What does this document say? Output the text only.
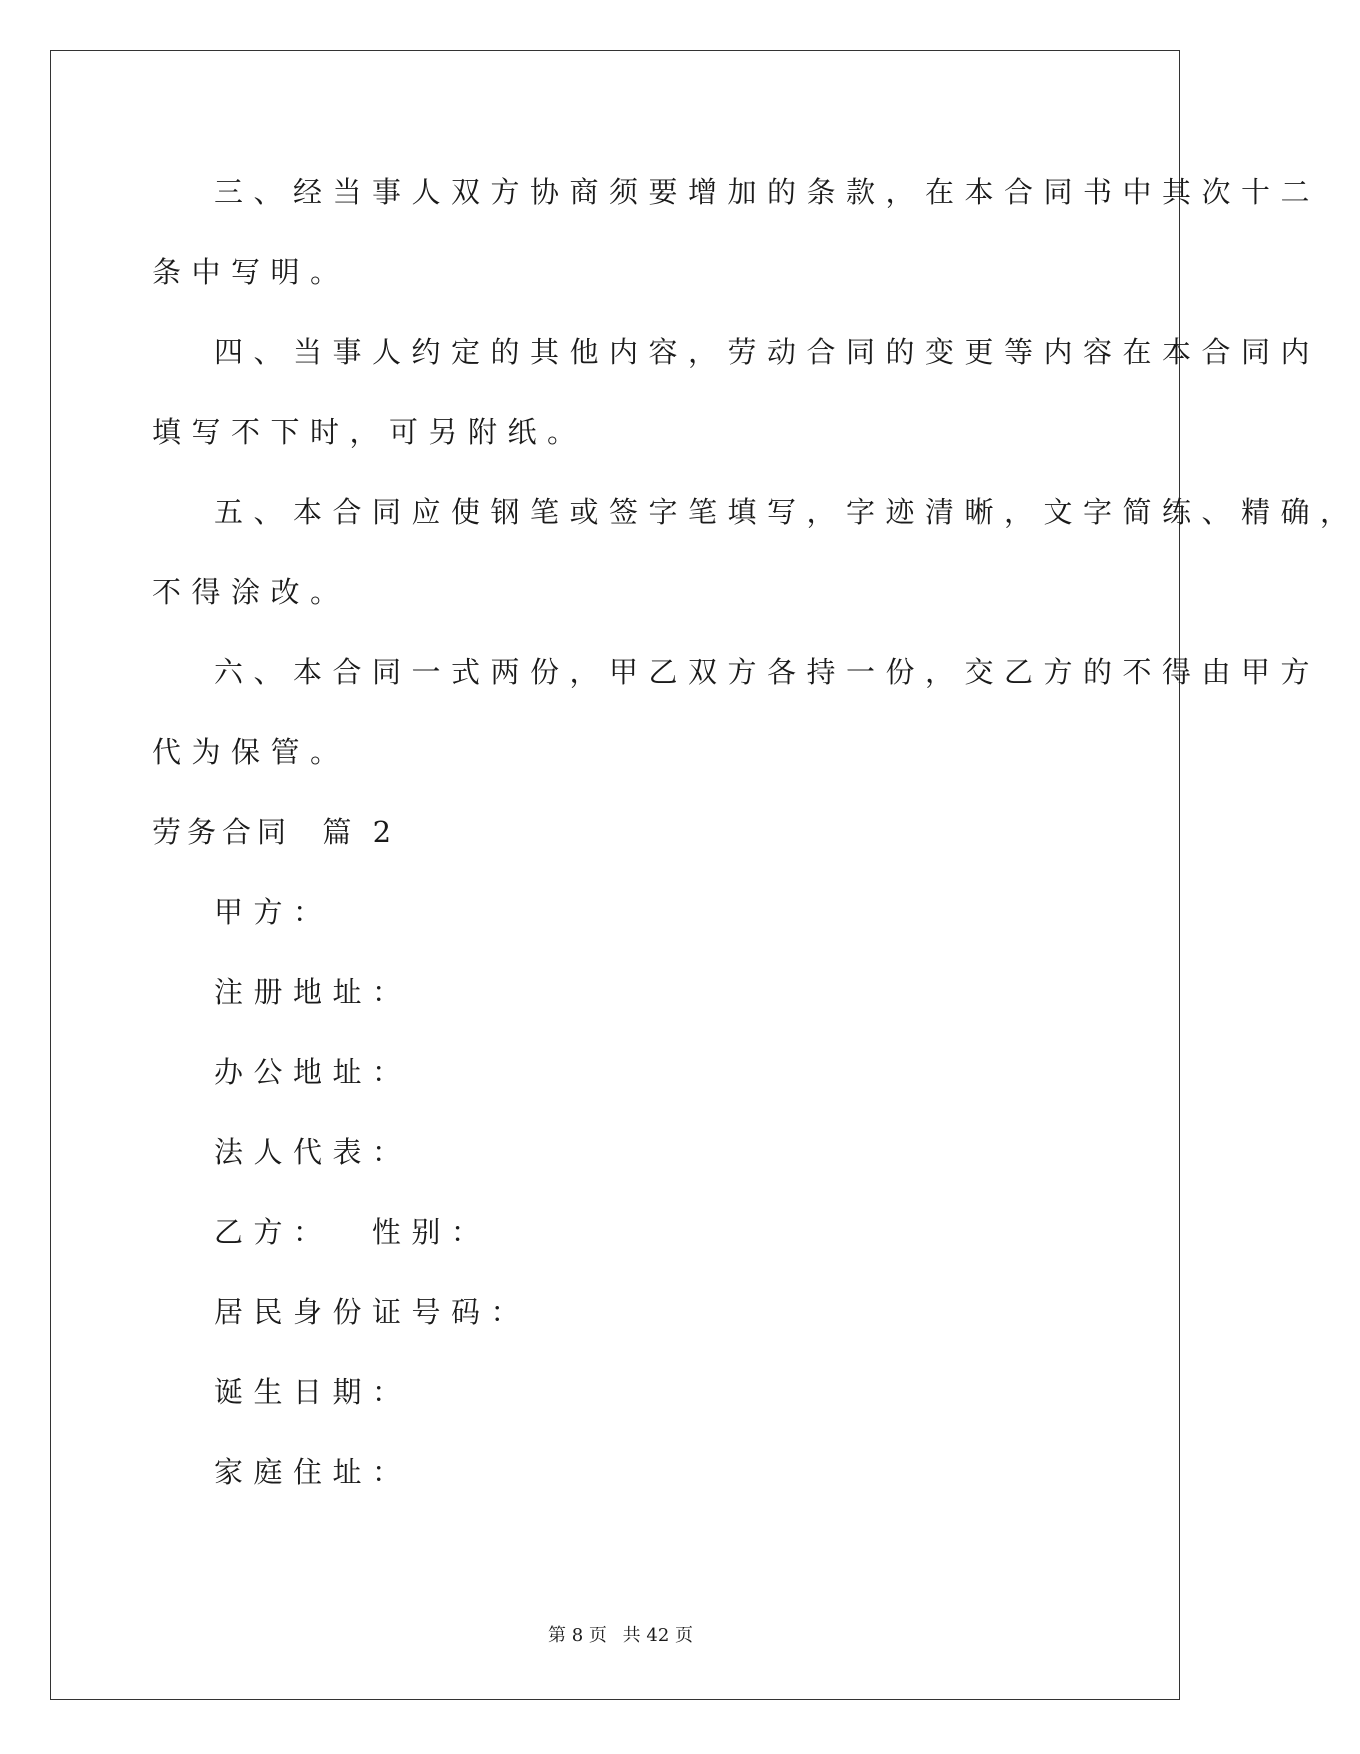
三、经当事人双方协商须要增加的条款，在本合同书中其次十二
条中写明。
四、当事人约定的其他内容，劳动合同的变更等内容在本合同内
填写不下时，可另附纸。
五、本合同应使钢笔或签字笔填写，字迹清晰，文字简练、精确，
不得涂改。
六、本合同一式两份，甲乙双方各持一份，交乙方的不得由甲方
代为保管。
劳务合同  篇 2
甲方：
注册地址：
办公地址：
法人代表：
乙方：  性别：
居民身份证号码：
诞生日期：
家庭住址：
第 8 页 共 42 页
